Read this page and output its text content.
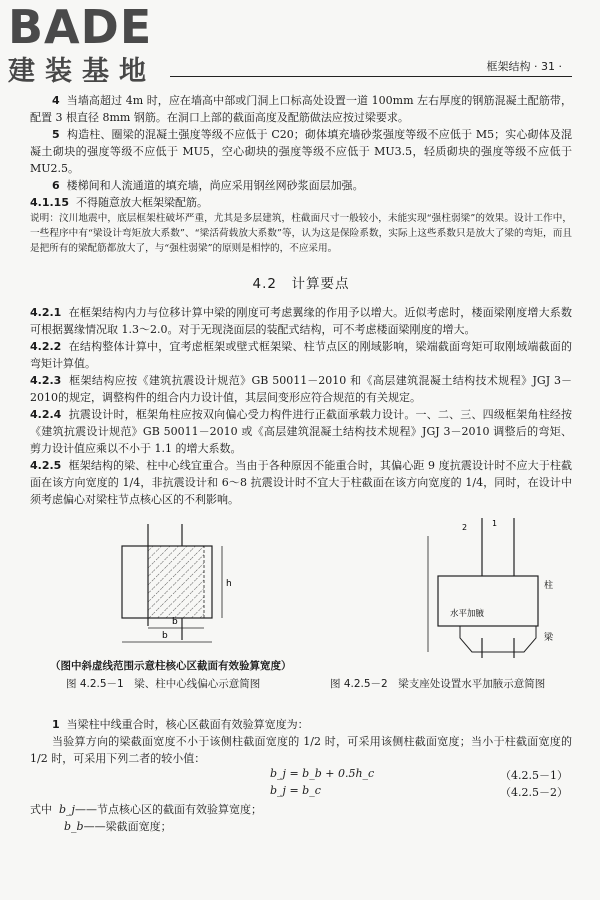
BADE
建装基地	框架结构 · 31 ·

4 当墙高超过 4m 时，应在墙高中部或门洞上口标高处设置一道 100mm 左右厚度的钢筋混凝土配筋带，配置 3 根直径 8mm 钢筋。在洞口上部的截面高度及配筋做法应按过梁要求。

5 构造柱、圈梁的混凝土强度等级不应低于 C20；砌体填充墙砂浆强度等级不应低于 M5；实心砌体及混凝土砌块的强度等级不应低于 MU5，空心砌块的强度等级不应低于 MU3.5，轻质砌块的强度等级不应低于 MU2.5。

6 楼梯间和人流通道的填充墙，尚应采用钢丝网砂浆面层加强。

4.1.15 不得随意放大框架梁配筋。

说明：汶川地震中，底层框架柱破坏严重，尤其是多层建筑，柱截面尺寸一般较小，未能实现“强柱弱梁”的效果。设计工作中，一些程序中有“梁设计弯矩放大系数”、“梁活荷载放大系数”等，认为这是保险系数，实际上这些系数只是放大了梁的弯矩，而且是把所有的梁配筋都放大了，与“强柱弱梁”的原则是相悖的，不应采用。

4.2　计算要点

4.2.1 在框架结构内力与位移计算中梁的刚度可考虑翼缘的作用予以增大。近似考虑时，楼面梁刚度增大系数可根据翼缘情况取 1.3～2.0。对于无现浇面层的装配式结构，可不考虑楼面梁刚度的增大。

4.2.2 在结构整体计算中，宜考虑框架或壁式框架梁、柱节点区的刚域影响，梁端截面弯矩可取刚域端截面的弯矩计算值。

4.2.3 框架结构应按《建筑抗震设计规范》GB 50011－2010 和《高层建筑混凝土结构技术规程》JGJ 3－2010的规定，调整构件的组合内力设计值，其层间变形应符合规范的有关规定。

4.2.4 抗震设计时，框架角柱应按双向偏心受力构件进行正截面承载力设计。一、二、三、四级框架角柱经按《建筑抗震设计规范》GB 50011－2010 或《高层建筑混凝土结构技术规程》JGJ 3－2010 调整后的弯矩、剪力设计值应乘以不小于 1.1 的增大系数。

4.2.5 框架结构的梁、柱中心线宜重合。当由于各种原因不能重合时，其偏心距 9 度抗震设计时不应大于柱截面在该方向宽度的 1/4，非抗震设计和 6～8 抗震设计时不宜大于柱截面在该方向宽度的 1/4，同时，在设计中须考虑偏心对梁柱节点核心区的不利影响。

h
b
b
柱
梁
水平加腋
1
2
（图中斜虚线范围示意柱核心区截面有效验算宽度）
图 4.2.5－1　梁、柱中心线偏心示意简图	图 4.2.5－2　梁支座处设置水平加腋示意简图

1 当梁柱中线重合时，核心区截面有效验算宽度为：

当验算方向的梁截面宽度不小于该侧柱截面宽度的 1/2 时，可采用该侧柱截面宽度；当小于柱截面宽度的 1/2 时，可采用下列二者的较小值：

b_j = b_b + 0.5h_c	（4.2.5－1）
b_j = b_c	（4.2.5－2）
式中 b_j——节点核心区的截面有效验算宽度；
b_b——梁截面宽度；
